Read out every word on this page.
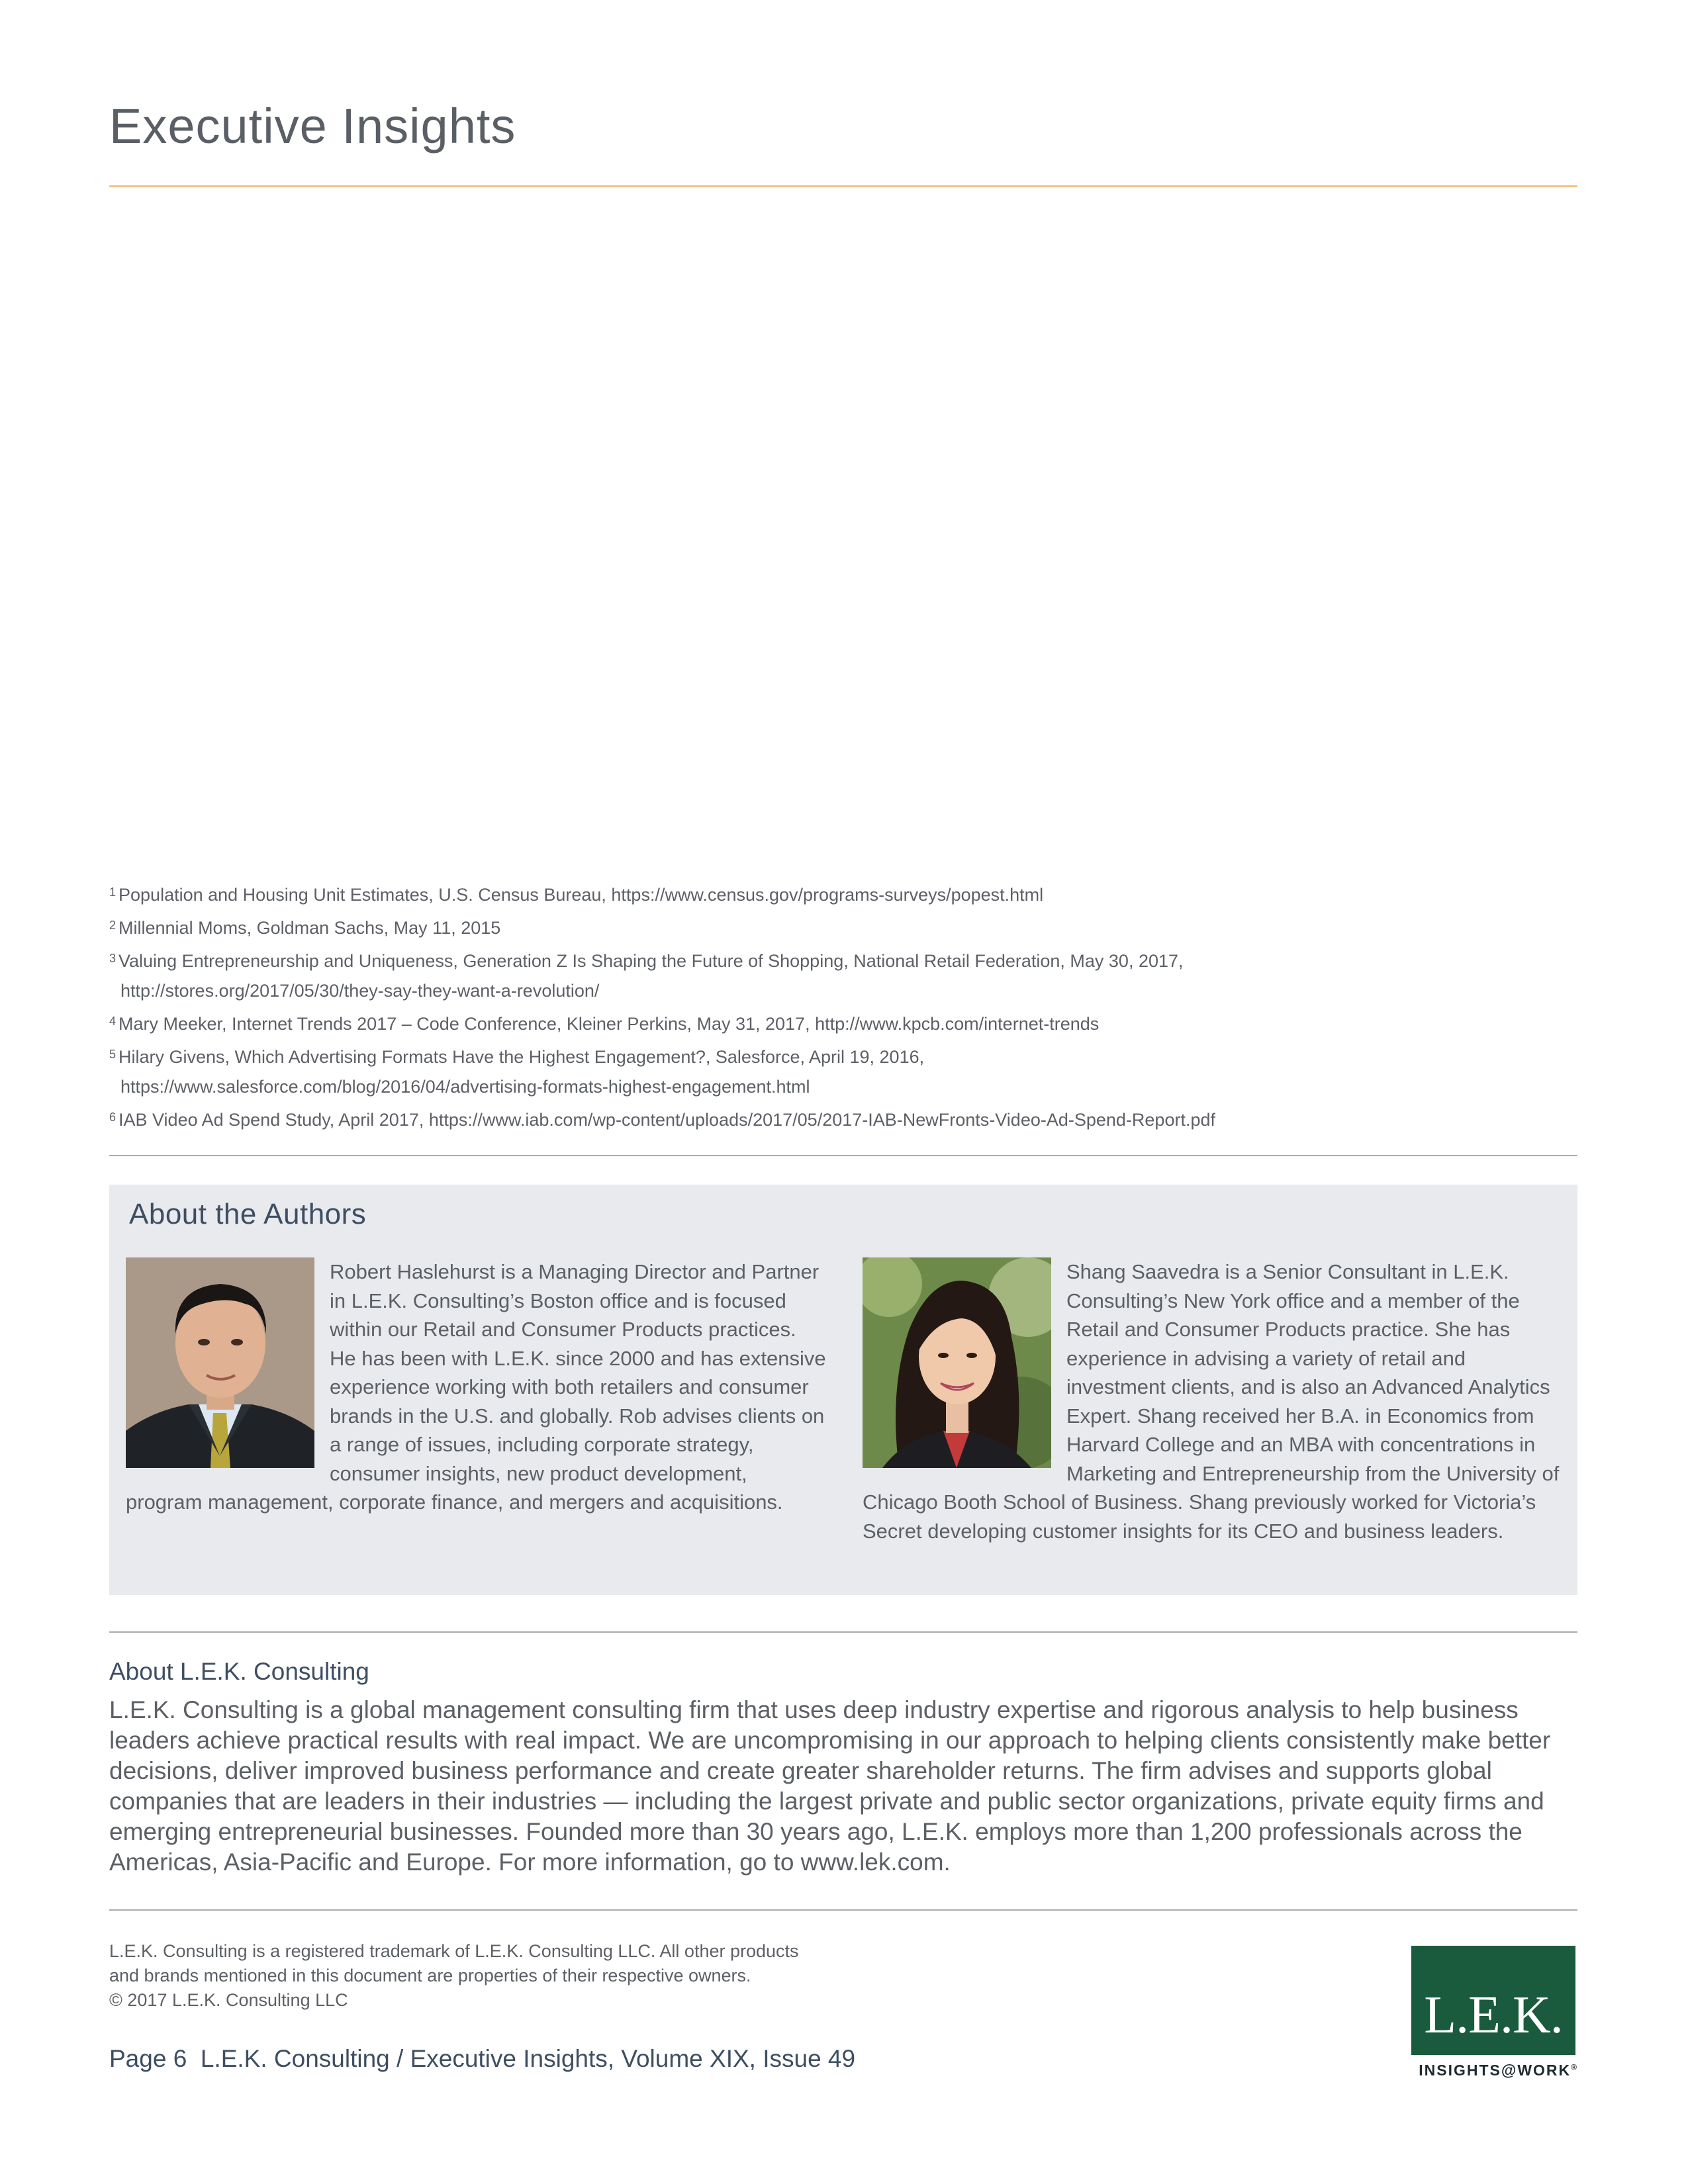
Executive Insights
$^1$ Population and Housing Unit Estimates, U.S. Census Bureau, https://www.census.gov/programs-surveys/popest.html
$^2$ Millennial Moms, Goldman Sachs, May 11, 2015
$^3$ Valuing Entrepreneurship and Uniqueness, Generation Z Is Shaping the Future of Shopping, National Retail Federation, May 30, 2017,
http://stores.org/2017/05/30/they-say-they-want-a-revolution/
$^4$ Mary Meeker, Internet Trends 2017 – Code Conference, Kleiner Perkins, May 31, 2017, http://www.kpcb.com/internet-trends
$^5$ Hilary Givens, Which Advertising Formats Have the Highest Engagement?, Salesforce, April 19, 2016,
https://www.salesforce.com/blog/2016/04/advertising-formats-highest-engagement.html
$^6$ IAB Video Ad Spend Study, April 2017, https://www.iab.com/wp-content/uploads/2017/05/2017-IAB-NewFronts-Video-Ad-Spend-Report.pdf
About the Authors

Robert Haslehurst is a Managing Director and Partner in L.E.K. Consulting’s Boston office and is focused within our Retail and Consumer Products practices. He has been with L.E.K. since 2000 and has extensive experience working with both retailers and consumer brands in the U.S. and globally. Rob advises clients on a range of issues, including corporate strategy, consumer insights, new product development, program management, corporate finance, and mergers and acquisitions.

Shang Saavedra is a Senior Consultant in L.E.K. Consulting’s New York office and a member of the Retail and Consumer Products practice. She has experience in advising a variety of retail and investment clients, and is also an Advanced Analytics Expert. Shang received her B.A. in Economics from Harvard College and an MBA with concentrations in Marketing and Entrepreneurship from the University of Chicago Booth School of Business. Shang previously worked for Victoria’s Secret developing customer insights for its CEO and business leaders.

About L.E.K. Consulting

L.E.K. Consulting is a global management consulting firm that uses deep industry expertise and rigorous analysis to help business leaders achieve practical results with real impact. We are uncompromising in our approach to helping clients consistently make better decisions, deliver improved business performance and create greater shareholder returns. The firm advises and supports global companies that are leaders in their industries — including the largest private and public sector organizations, private equity firms and emerging entrepreneurial businesses. Founded more than 30 years ago, L.E.K. employs more than 1,200 professionals across the Americas, Asia-Pacific and Europe. For more information, go to www.lek.com.

L.E.K. Consulting is a registered trademark of L.E.K. Consulting LLC. All other products
and brands mentioned in this document are properties of their respective owners.
© 2017 L.E.K. Consulting LLC
Page 6 L.E.K. Consulting / Executive Insights, Volume XIX, Issue 49
L.E.K.
INSIGHTS@WORK®
